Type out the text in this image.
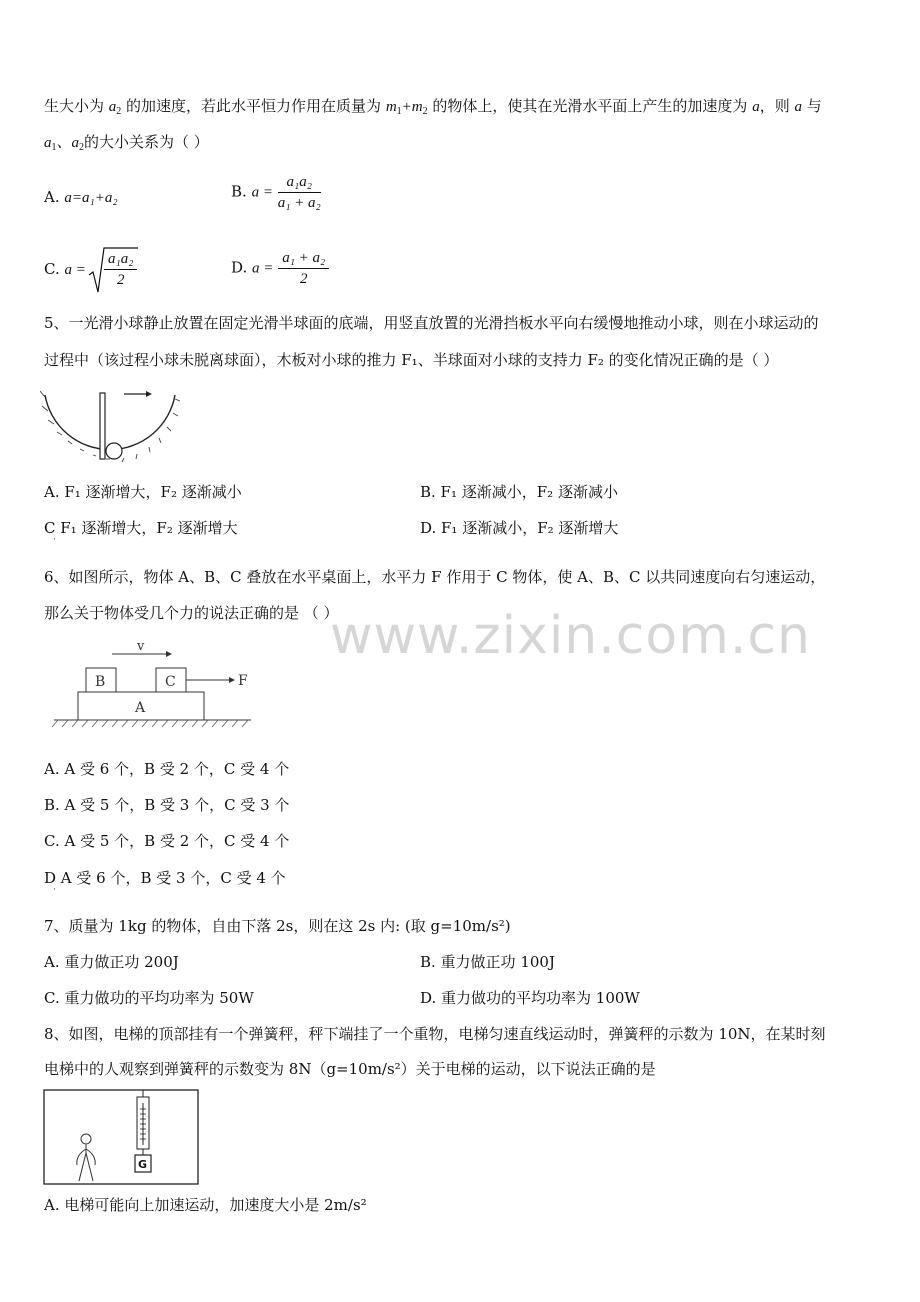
www.zixin.com.cn
生大小为 $a_2$ 的加速度，若此水平恒力作用在质量为 $m_1+m_2$ 的物体上，使其在光滑水平面上产生的加速度为 a，则 a 与
$a_1$、$a_2$的大小关系为（ ）
A. a=a₁+a₂	B. $a = \frac{\text{a₁a₂}}{\text{a₁ + a₂}}$
C. $a = \frac{\text{a₁a₂}}{2}$	D. $a = \frac{\text{a₁ + a₂}}{2}$
5、一光滑小球静止放置在固定光滑半球面的底端，用竖直放置的光滑挡板水平向右缓慢地推动小球，则在小球运动的
过程中（该过程小球未脱离球面），木板对小球的推力 F₁、半球面对小球的支持力 F₂ 的变化情况正确的是（ ）
A. F₁ 逐渐增大，F₂ 逐渐减小	B. F₁ 逐渐减小，F₂ 逐渐减小
C F₁ 逐渐增大，F₂ 逐渐增大	D. F₁ 逐渐减小，F₂ 逐渐增大
·
6、如图所示，物体 A、B、C 叠放在水平桌面上，水平力 F 作用于 C 物体，使 A、B、C 以共同速度向右匀速运动，
那么关于物体受几个力的说法正确的是 （ ）
v
B	C	F
A
A. A 受 6 个，B 受 2 个，C 受 4 个
B. A 受 5 个，B 受 3 个，C 受 3 个
C. A 受 5 个，B 受 2 个，C 受 4 个
D A 受 6 个，B 受 3 个，C 受 4 个
·
7、质量为 1kg 的物体，自由下落 2s，则在这 2s 内: (取 g=10m/s²)
A. 重力做正功 200J	B. 重力做正功 100J
C. 重力做功的平均功率为 50W	D. 重力做功的平均功率为 100W
8、如图，电梯的顶部挂有一个弹簧秤，秤下端挂了一个重物，电梯匀速直线运动时，弹簧秤的示数为 10N，在某时刻
电梯中的人观察到弹簧秤的示数变为 8N（g=10m/s²）关于电梯的运动，以下说法正确的是
G
A. 电梯可能向上加速运动，加速度大小是 2m/s²
